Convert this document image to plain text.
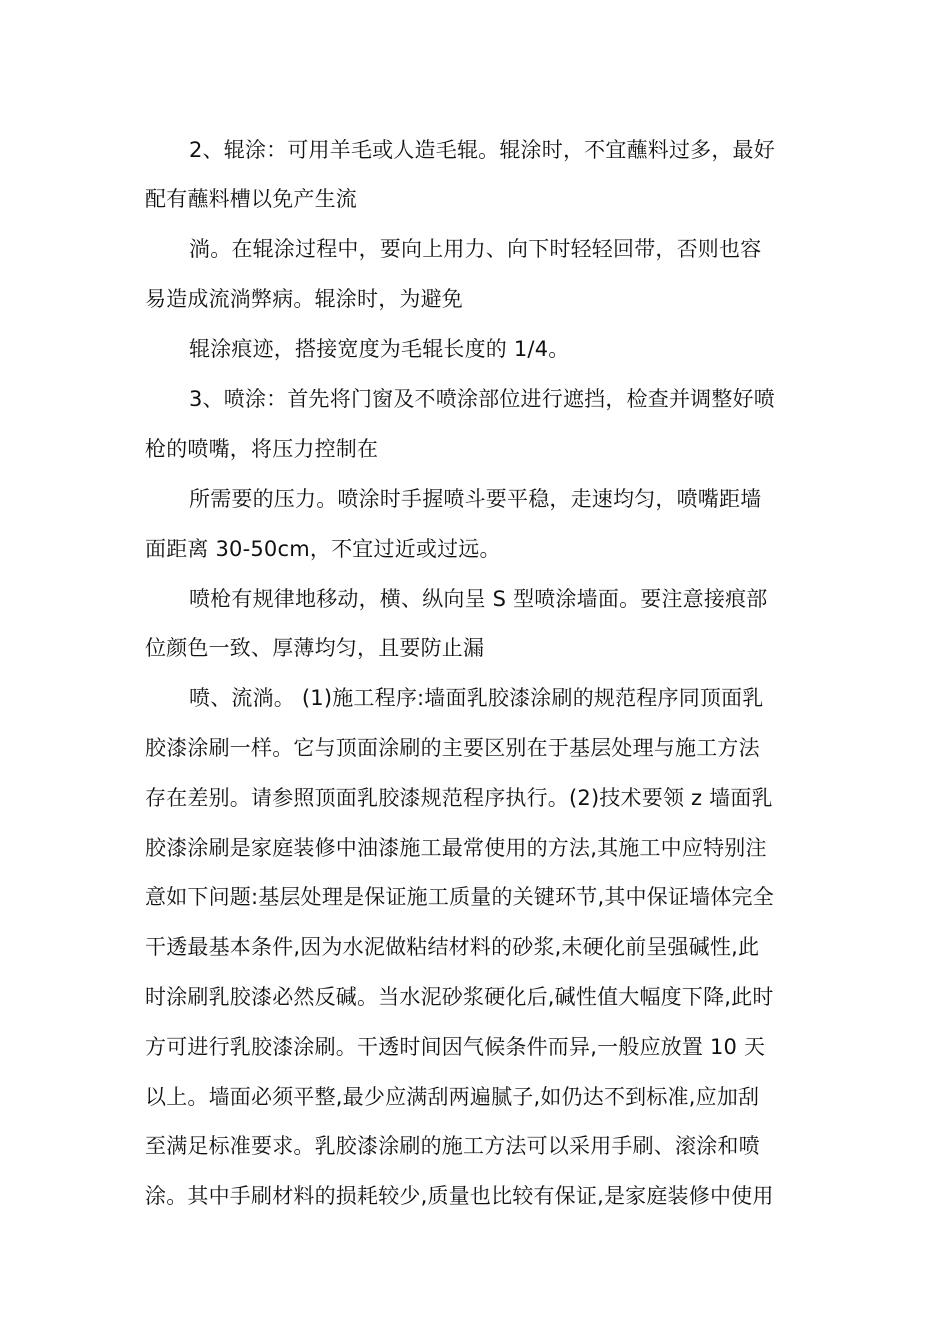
2、辊涂：可用羊毛或人造毛辊。辊涂时，不宜蘸料过多，最好
配有蘸料槽以免产生流
淌。在辊涂过程中，要向上用力、向下时轻轻回带，否则也容
易造成流淌弊病。辊涂时，为避免
辊涂痕迹，搭接宽度为毛辊长度的 1/4。
3、喷涂：首先将门窗及不喷涂部位进行遮挡，检查并调整好喷
枪的喷嘴，将压力控制在
所需要的压力。喷涂时手握喷斗要平稳，走速均匀，喷嘴距墙
面距离 30-50cm，不宜过近或过远。
喷枪有规律地移动，横、纵向呈 S 型喷涂墙面。要注意接痕部
位颜色一致、厚薄均匀，且要防止漏
喷、流淌。 (1)施工程序:墙面乳胶漆涂刷的规范程序同顶面乳
胶漆涂刷一样。它与顶面涂刷的主要区别在于基层处理与施工方法
存在差别。请参照顶面乳胶漆规范程序执行。(2)技术要领 z 墙面乳
胶漆涂刷是家庭装修中油漆施工最常使用的方法,其施工中应特别注
意如下问题:基层处理是保证施工质量的关键环节,其中保证墙体完全
干透最基本条件,因为水泥做粘结材料的砂浆,未硬化前呈强碱性,此
时涂刷乳胶漆必然反碱。当水泥砂浆硬化后,碱性值大幅度下降,此时
方可进行乳胶漆涂刷。干透时间因气候条件而异,一般应放置 10 天
以上。墙面必须平整,最少应满刮两遍腻子,如仍达不到标准,应加刮
至满足标准要求。乳胶漆涂刷的施工方法可以采用手刷、滚涂和喷
涂。其中手刷材料的损耗较少,质量也比较有保证,是家庭装修中使用
